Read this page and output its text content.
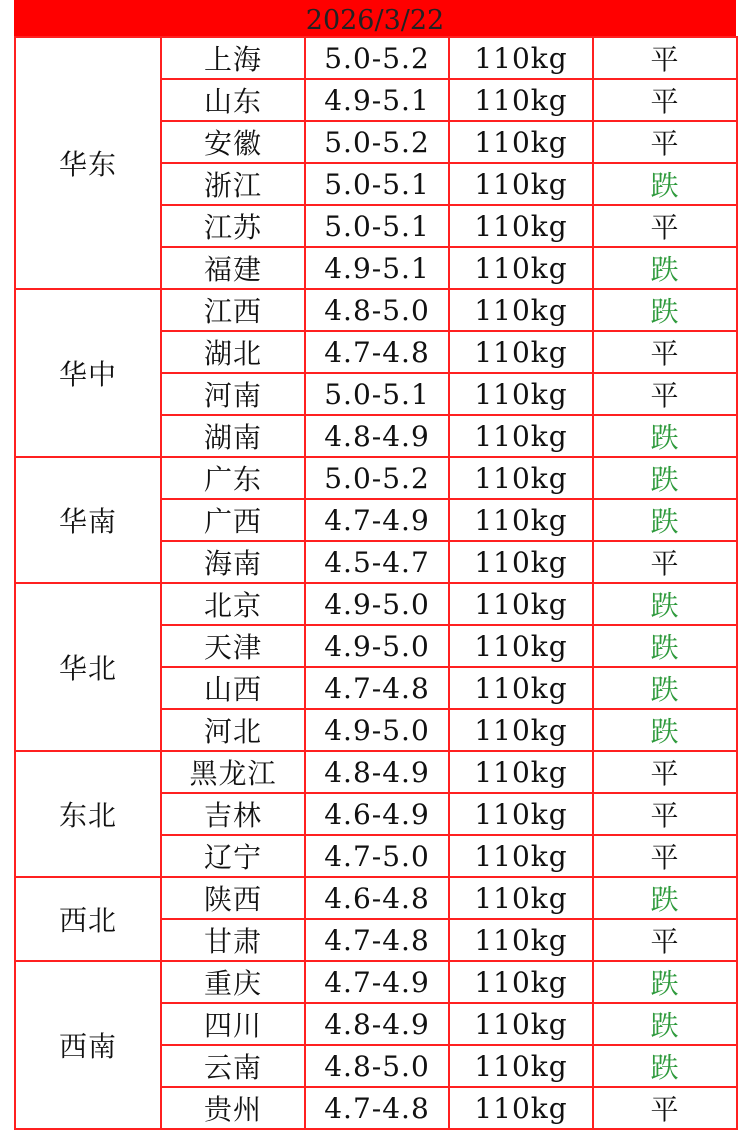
2026/3/22
华东	上海	5.0-5.2	110kg	平
	山东	4.9-5.1	110kg	平
	安徽	5.0-5.2	110kg	平
	浙江	5.0-5.1	110kg	跌
	江苏	5.0-5.1	110kg	平
	福建	4.9-5.1	110kg	跌
华中	江西	4.8-5.0	110kg	跌
	湖北	4.7-4.8	110kg	平
	河南	5.0-5.1	110kg	平
	湖南	4.8-4.9	110kg	跌
华南	广东	5.0-5.2	110kg	跌
	广西	4.7-4.9	110kg	跌
	海南	4.5-4.7	110kg	平
华北	北京	4.9-5.0	110kg	跌
	天津	4.9-5.0	110kg	跌
	山西	4.7-4.8	110kg	跌
	河北	4.9-5.0	110kg	跌
东北	黑龙江	4.8-4.9	110kg	平
	吉林	4.6-4.9	110kg	平
	辽宁	4.7-5.0	110kg	平
西北	陕西	4.6-4.8	110kg	跌
	甘肃	4.7-4.8	110kg	平
西南	重庆	4.7-4.9	110kg	跌
	四川	4.8-4.9	110kg	跌
	云南	4.8-5.0	110kg	跌
	贵州	4.7-4.8	110kg	平
